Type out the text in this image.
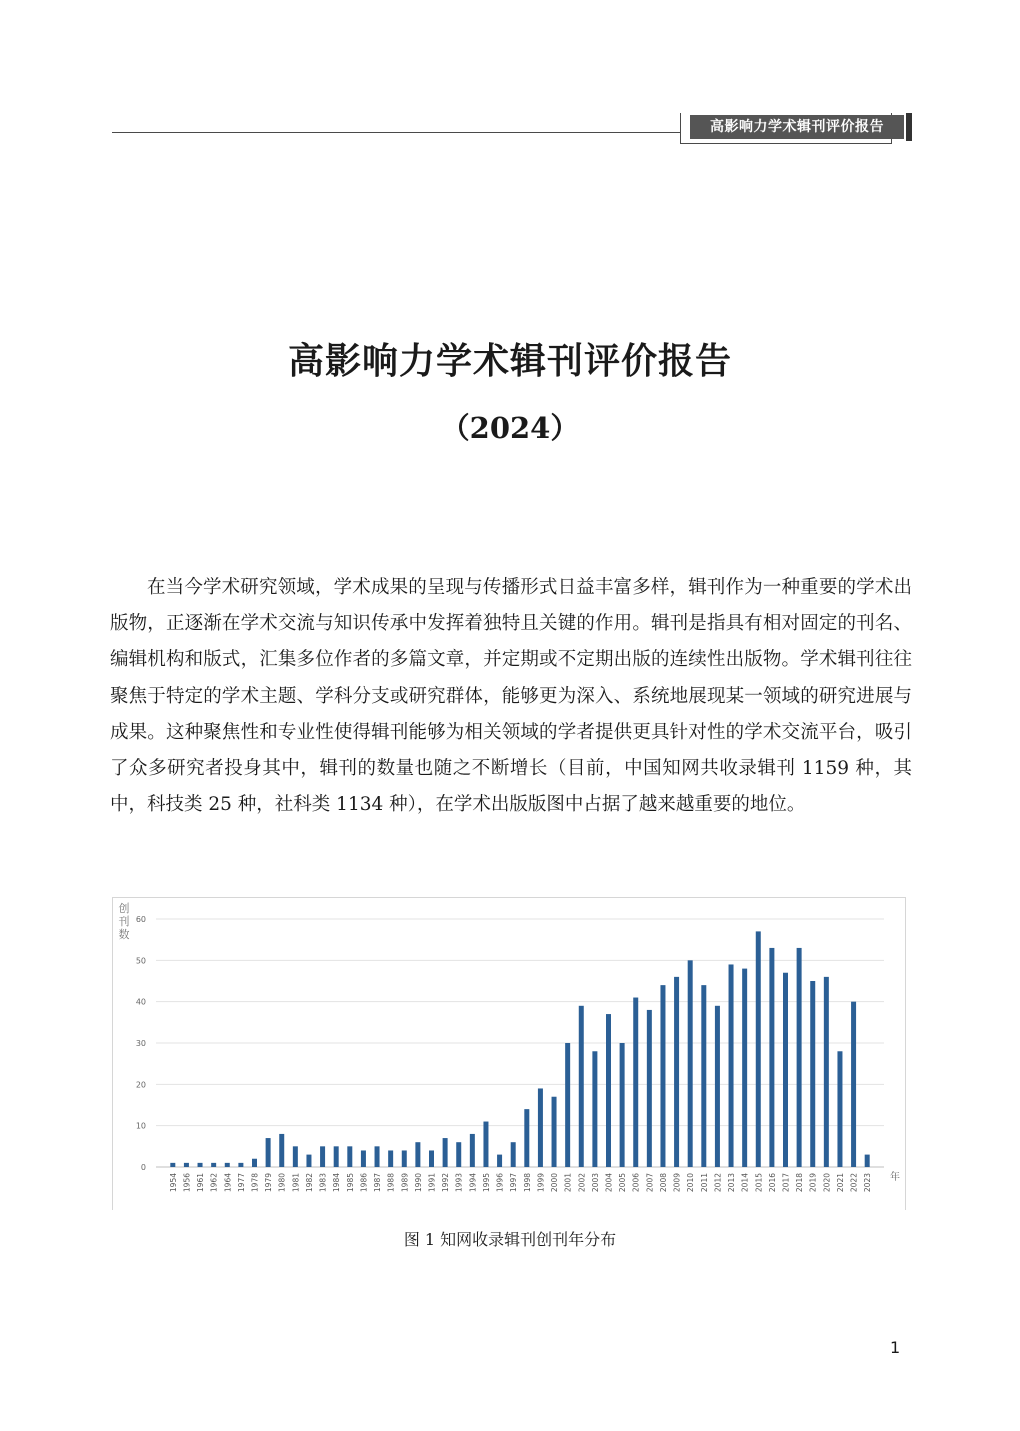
高影响力学术辑刊评价报告
高影响力学术辑刊评价报告
（2024）

在当今学术研究领域，学术成果的呈现与传播形式日益丰富多样，辑刊作为一种重要的学术出版物，正逐渐在学术交流与知识传承中发挥着独特且关键的作用。辑刊是指具有相对固定的刊名、编辑机构和版式，汇集多位作者的多篇文章，并定期或不定期出版的连续性出版物。学术辑刊往往聚焦于特定的学术主题、学科分支或研究群体，能够更为深入、系统地展现某一领域的研究进展与成果。这种聚焦性和专业性使得辑刊能够为相关领域的学者提供更具针对性的学术交流平台，吸引了众多研究者投身其中，辑刊的数量也随之不断增长（目前，中国知网共收录辑刊 1159 种，其中，科技类 25 种，社科类 1134 种），在学术出版版图中占据了越来越重要的地位。

0
10
20
30
40
50
60
创
刊
数
1954 1956 1961 1962 1964 1977 1978 1979 1980 1981 1982 1983 1984 1985 1986 1987 1988 1989 1990 1991 1992 1993 1994 1995 1996 1997 1998 1999 2000 2001 2002 2003 2004 2005 2006 2007 2008 2009 2010 2011 2012 2013 2014 2015 2016 2017 2018 2019 2020 2021 2022 2023 年
图 1 知网收录辑刊创刊年分布
1
